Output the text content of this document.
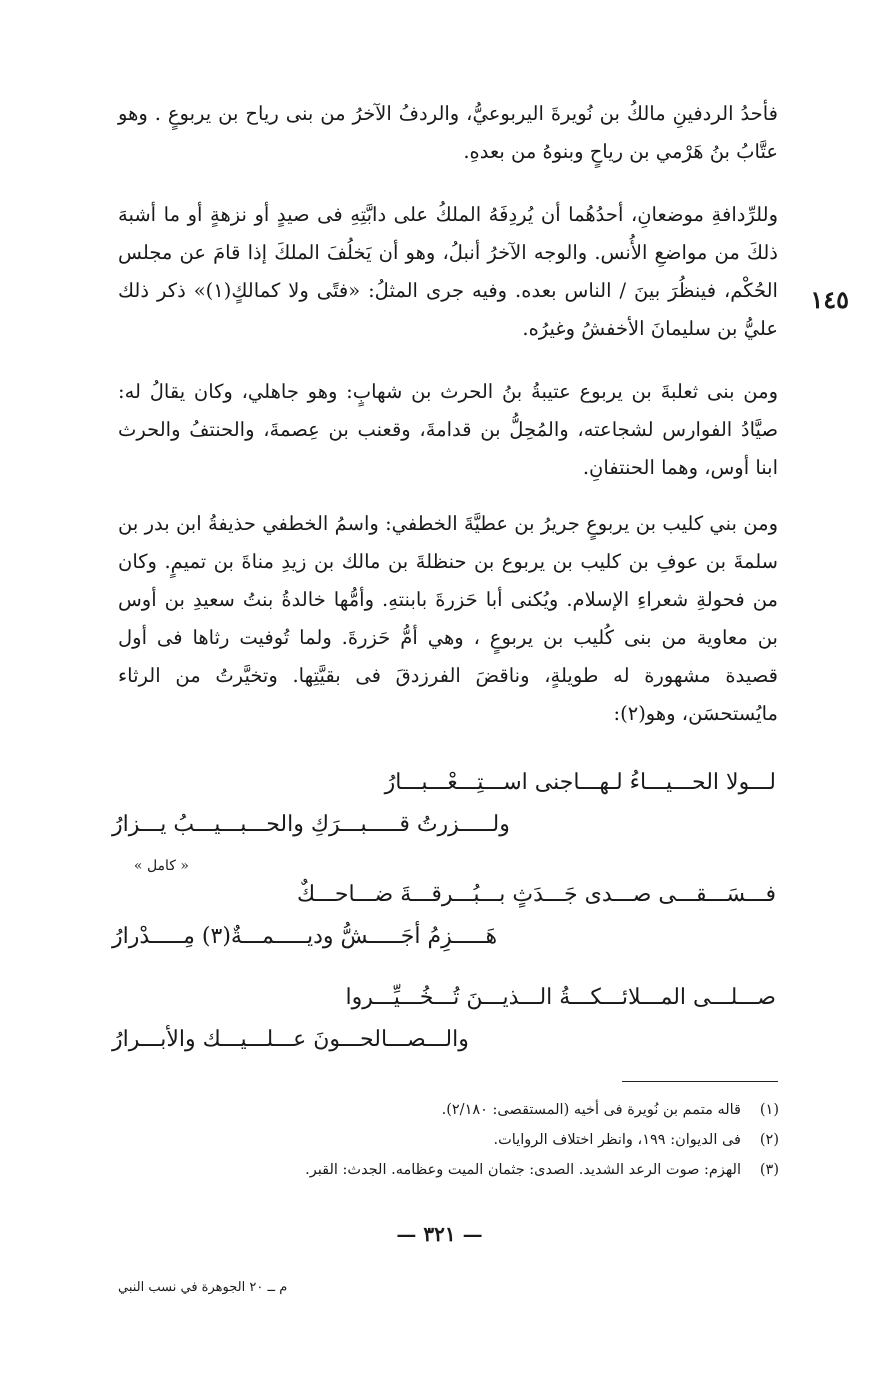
١٤٥

فأحدُ الردفينِ مالكُ بن نُويرةَ اليربوعيُّ، والردفُ الآخرُ من بنى رياح بن يربوعٍ . وهو عتَّابُ بنُ هَرْمي بن رياحٍ وبنوهُ من بعدهِ.

وللرِّدافةِ موضعانِ، أحدُهُما أن يُردِفَهُ الملكُ على دابَّتِهِ فى صيدٍ أو نزهةٍ أو ما أشبهَ ذلكَ من مواضعِ الأُنس. والوجه الآخرُ أنبلُ، وهو أن يَخلُفَ الملكَ إذا قامَ عن مجلس الحُكْم، فينظُرَ بينَ / الناس بعده. وفيه جرى المثلُ: «فتًى ولا كمالكٍ(١)» ذكر ذلك عليُّ بن سليمانَ الأخفشُ وغيرُه.

ومن بنى ثعلبةَ بن يربوع عتيبةُ بنُ الحرث بن شهابٍ: وهو جاهلي، وكان يقالُ له: صيَّادُ الفوارس لشجاعته، والمُحِلُّ بن قدامةَ، وقعنب بن عِصمةَ، والحنتفُ والحرث ابنا أوس، وهما الحنتفانِ.

ومن بني كليب بن يربوعٍ جريرُ بن عطيَّةَ الخطفي: واسمُ الخطفي حذيفةُ ابن بدر بن سلمةَ بن عوفِ بن كليب بن يربوع بن حنظلةَ بن مالك بن زيدِ مناةَ بن تميمٍ. وكان من فحولةِ شعراءِ الإسلام. ويُكنى أبا حَزرةَ بابنتهِ. وأمُّها خالدةُ بنتُ سعيدِ بن أوس بن معاوية من بنى كُليب بن يربوعٍ ، وهي أمُّ حَزرةَ. ولما تُوفيت رثاها فى أول قصيدة مشهورة له طويلةٍ، وناقضَ الفرزدقَ فى بقيَّتِها. وتخيَّرتُ من الرثاء مايُستحسَن، وهو(٢):

لـــولا الحـــيـــاءُ لـهـــاجنى اســـتِـــعْـــبـــارُ
ولـــــزرتُ قـــــبـــرَكِ والحـــبـــيـــبُ يـــزارُ
« كامل »
فـــسَـــقـــى صـــدى جَـــدَثٍ بـــبُـــرقـــةَ ضـــاحـــكٌ
هَـــــزِمُ أجَـــــشُّ وديـــــمـــةٌ(٣) مِـــــدْرارُ
صـــلـــى المـــلائـــكـــةُ الـــذيـــنَ تُـــخُـــيِّـــروا
والـــصـــالحـــونَ عـــلـــيـــك والأبـــرارُ
(١)قاله متمم بن نُويرة فى أخيه (المستقصى: ٢/١٨٠).
(٢)فى الديوان: ١٩٩، وانظر اختلاف الروايات.
(٣)الهزم: صوت الرعد الشديد. الصدى: جثمان الميت وعظامه. الجدث: القبر.
— ٣٢١ —
م ــ ٢٠ الجوهرة في نسب النبي
